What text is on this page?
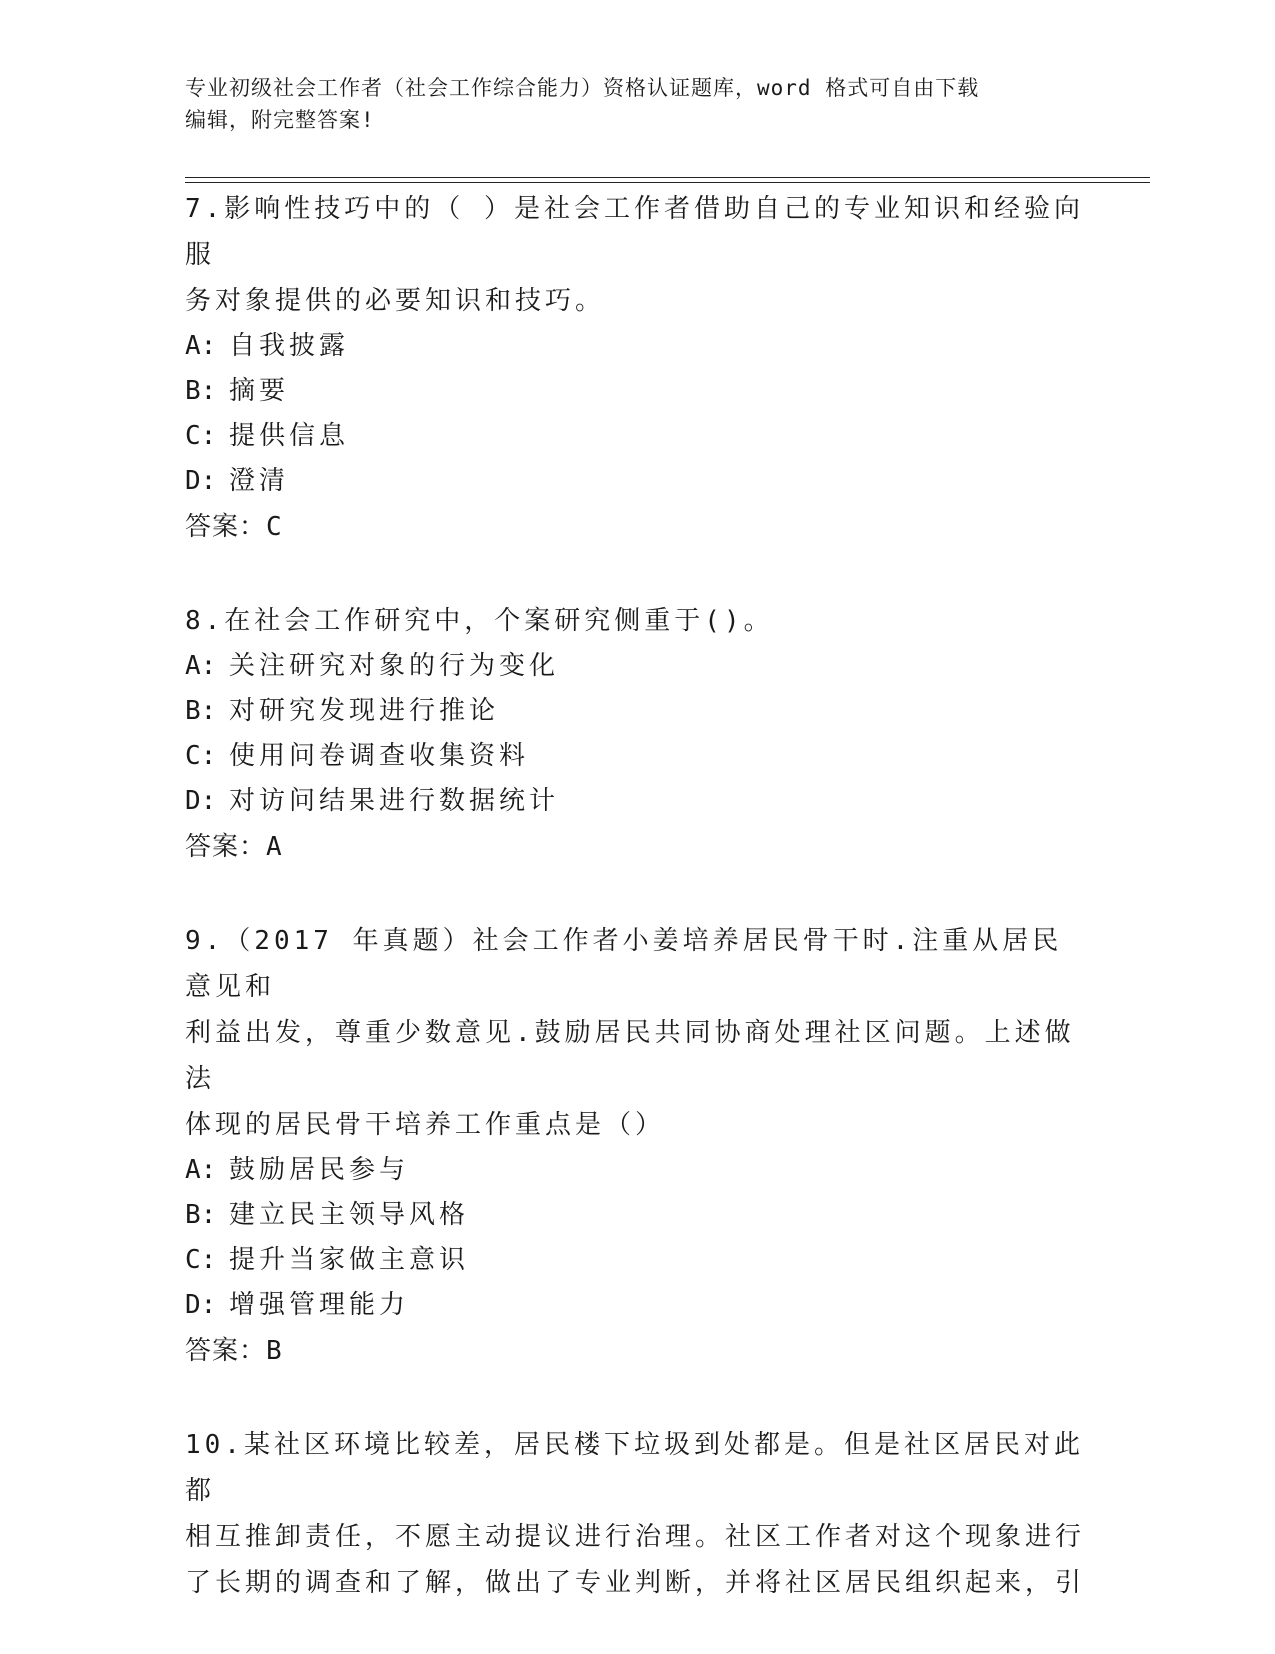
专业初级社会工作者（社会工作综合能力）资格认证题库，word 格式可自由下载
编辑，附完整答案!
7.影响性技巧中的（ ）是社会工作者借助自己的专业知识和经验向服
务对象提供的必要知识和技巧。
A: 自我披露
B: 摘要
C: 提供信息
D: 澄清
答案：C
8.在社会工作研究中，个案研究侧重于()。
A: 关注研究对象的行为变化
B: 对研究发现进行推论
C: 使用问卷调查收集资料
D: 对访问结果进行数据统计
答案：A
9.（2017 年真题）社会工作者小姜培养居民骨干时.注重从居民意见和
利益出发，尊重少数意见.鼓励居民共同协商处理社区问题。上述做法
体现的居民骨干培养工作重点是（）
A: 鼓励居民参与
B: 建立民主领导风格
C: 提升当家做主意识
D: 增强管理能力
答案：B
10.某社区环境比较差，居民楼下垃圾到处都是。但是社区居民对此都
相互推卸责任，不愿主动提议进行治理。社区工作者对这个现象进行
了长期的调查和了解，做出了专业判断，并将社区居民组织起来，引
